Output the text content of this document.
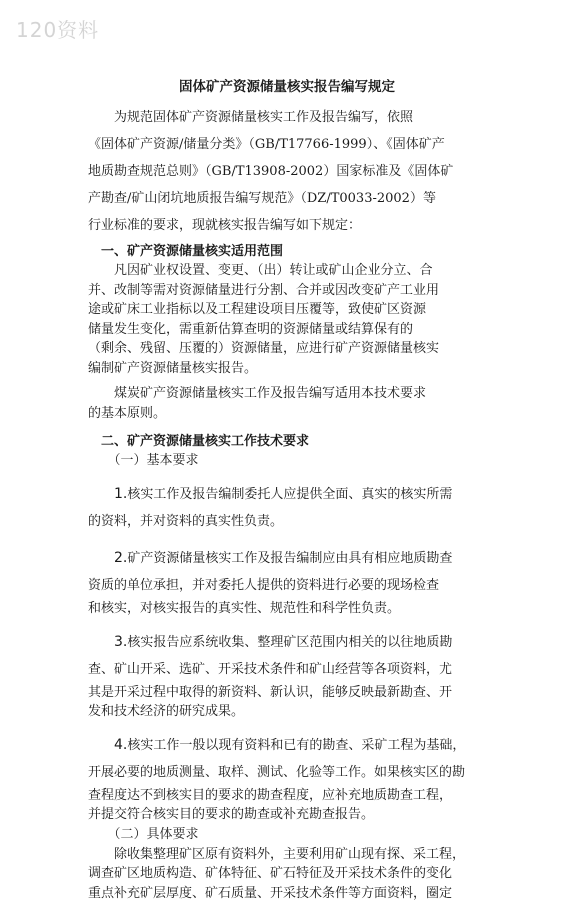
120资料

固体矿产资源储量核实报告编写规定

为规范固体矿产资源储量核实工作及报告编写，依照

《固体矿产资源/储量分类》（GB/T17766-1999）、《固体矿产

地质勘查规范总则》（GB/T13908-2002）国家标准及《固体矿

产勘查/矿山闭坑地质报告编写规范》（DZ/T0033-2002）等

行业标准的要求，现就核实报告编写如下规定：

一、矿产资源储量核实适用范围

凡因矿业权设置、变更、（出）转让或矿山企业分立、合

并、改制等需对资源储量进行分割、合并或因改变矿产工业用

途或矿床工业指标以及工程建设项目压覆等，致使矿区资源

储量发生变化，需重新估算查明的资源储量或结算保有的

（剩余、残留、压覆的）资源储量，应进行矿产资源储量核实

编制矿产资源储量核实报告。

煤炭矿产资源储量核实工作及报告编写适用本技术要求

的基本原则。

二、矿产资源储量核实工作技术要求

（一）基本要求

1.核实工作及报告编制委托人应提供全面、真实的核实所需

的资料，并对资料的真实性负责。

2.矿产资源储量核实工作及报告编制应由具有相应地质勘查

资质的单位承担，并对委托人提供的资料进行必要的现场检查

和核实，对核实报告的真实性、规范性和科学性负责。

3.核实报告应系统收集、整理矿区范围内相关的以往地质勘

查、矿山开采、选矿、开采技术条件和矿山经营等各项资料，尤

其是开采过程中取得的新资料、新认识，能够反映最新勘查、开

发和技术经济的研究成果。

4.核实工作一般以现有资料和已有的勘查、采矿工程为基础，

开展必要的地质测量、取样、测试、化验等工作。如果核实区的勘

查程度达不到核实目的要求的勘查程度，应补充地质勘查工程，

并提交符合核实目的要求的勘查或补充勘查报告。

（二）具体要求

除收集整理矿区原有资料外，主要利用矿山现有探、采工程，

调查矿区地质构造、矿体特征、矿石特征及开采技术条件的变化

重点补充矿层厚度、矿石质量、开采技术条件等方面资料，圈定
